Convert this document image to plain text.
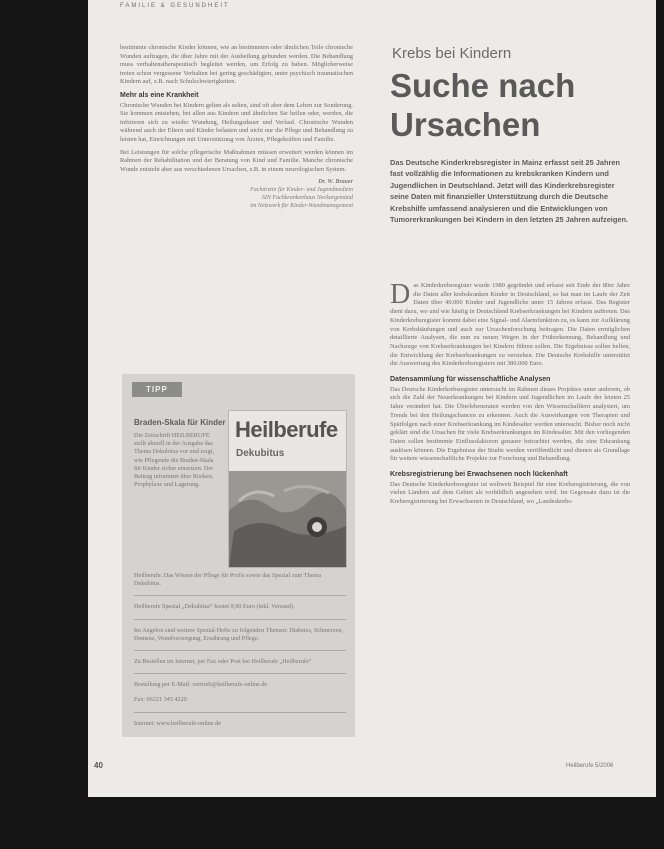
FAMILIE & GESUNDHEIT

bestimmte chronische Kinder können, wie an bestimmten oder ähnlichen Teile chronische Wunden auftragen, die über Jahre mit der Ausheilung gebunden werden. Die Behandlung muss verhaltenstherapeutisch begleitet werden, um Erfolg zu haben. Möglicherweise treten schon vergessene Verhalten bei gering geschädigten, unter psychisch traumatischen Kindern auf, z.B. nach Schulschwierigkeiten.

Mehr als eine Krankheit

Chronische Wunden bei Kindern gelten als selten, sind oft aber dem Leben zur Sonderung. Sie kommen entstehen, bei allen aus Kindern und ähnlichen Sie heilen oder, werden, die infizieren sich zu wieder Wundung, Heilungsdauer und Verlauf. Chronische Wunden während auch der Eltern und Kinder belasten und nicht nur die Pflege und Behandlung zu leisten hat, Einrichtungen mit Unterstützung von Ärzten, Pflegekräften und Familie.

Bei Leistungen für solche pflegerische Maßnahmen müssen erweitert werden können im Rahmen der Rehabilitation und der Beratung von Kind und Familie. Manche chronische Wunde entsteht aber aus verschiedenen Ursachen, z.B. in einem neurologischen System.

Dr. W. Brauer
Fachärztin für Kinder- und Jugendmedizin
SIN Fachkrankenhaus Neckargemünd
im Netzwerk für Kinder-Wundmanagement
TIPP
Braden-Skala für Kinder
Die Zeitschrift HEILBERUFE stellt aktuell in der Ausgabe das Thema Dekubitus vor und zeigt, wie Pflegende die Braden-Skala für Kinder sicher einsetzen. Der Beitrag informiert über Risiken, Prophylaxe und Lagerung.
Heilberufe
Dekubitus

Heilberufe: Das Wissen der Pflege für Profis sowie das Spezial zum Thema Dekubitus.

Heilberufe Spezial „Dekubitus“ kostet 9,90 Euro (inkl. Versand).

Im Angebot sind weitere Spezial-Hefte zu folgenden Themen: Diabetes, Schmerzen, Demenz, Wundversorgung, Ernährung und Pflege.

Zu Bestellen im Internet, per Fax oder Post bei Heilberufe „Heilberufe“

Bestellung per E-Mail: vertrieb@heilberufe-online.de

Fax: 06221 345 4229

Internet: www.heilberufe-online.de

Krebs bei Kindern
Suche nach
Ursachen
Das Deutsche Kinderkrebsregister in Mainz erfasst seit 25 Jahren fast vollzählig die Informationen zu krebskranken Kindern und Jugendlichen in Deutschland. Jetzt will das Kinderkrebsregister seine Daten mit finanzieller Unterstützung durch die Deutsche Krebshilfe umfassend analysieren und die Entwicklungen von Tumorerkrankungen bei Kindern in den letzten 25 Jahren aufzeigen.

Das Kinderkrebsregister wurde 1980 gegründet und erfasst seit Ende der 80er Jahre die Daten aller krebskranken Kinder in Deutschland, so hat man im Laufe der Zeit Daten über 40.000 Kinder und Jugendliche unter 15 Jahren erfasst. Das Register dient dazu, wo und wie häufig in Deutschland Krebserkrankungen bei Kindern auftreten. Das Kinderkrebsregister kommt dabei eine Signal- und Alarmfunktion zu, es kann zur Aufklärung von Krebshäufungen und auch zur Ursachenforschung beitragen. Die Daten ermöglichen detaillierte Analysen, die nun zu neuen Wegen in der Früherkennung, Behandlung und Nachsorge von Krebserkrankungen bei Kindern führen sollen. Die Ergebnisse sollen helfen, die Entwicklung der Krebserkrankungen zu verstehen. Die Deutsche Krebshilfe unterstützt die Auswertung des Kinderkrebsregisters mit 380.000 Euro.

Datensammlung für wissenschaftliche Analysen

Das Deutsche Kinderkrebsregister untersucht im Rahmen dieses Projektes unter anderem, ob sich die Zahl der Neuerkrankungen bei Kindern und Jugendlichen im Laufe der letzten 25 Jahre verändert hat. Die Überlebensraten werden von den Wissenschaftlern analysiert, um Trends bei den Heilungschancen zu erkennen. Auch die Auswirkungen von Therapien und Spätfolgen nach einer Krebserkrankung im Kindesalter werden untersucht. Bisher noch nicht geklärt sind die Ursachen für viele Krebserkrankungen im Kindesalter. Mit den vorliegenden Daten sollen bestimmte Einflussfaktoren genauer betrachtet werden, die eine Erkrankung auslösen können. Die Ergebnisse der Studie werden veröffentlicht und dienen als Grundlage für weitere wissenschaftliche Projekte zur Forschung und Behandlung.

Krebsregistrierung bei Erwachsenen noch lückenhaft

Das Deutsche Kinderkrebsregister ist weltweit Beispiel für eine Krebsregistrierung, die von vielen Ländern auf dem Gebiet als vorbildlich angesehen wird. Im Gegensatz dazu ist die Krebsregistrierung bei Erwachsenen in Deutschland, wo „Landeskrebs-

40	Heilberufe 5/2006
